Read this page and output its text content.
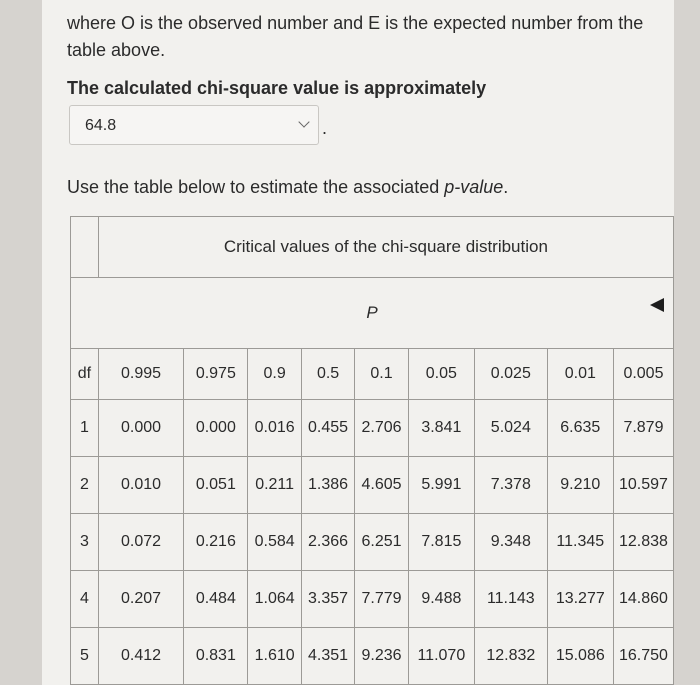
where O is the observed number and E is the expected number from the table above.

The calculated chi-square value is approximately

64.8	.

Use the table below to estimate the associated p-value.

	Critical values of the chi-square distribution								
P									
df	0.995	0.975	0.9	0.5	0.1	0.05	0.025	0.01	0.005
1	0.000	0.000	0.016	0.455	2.706	3.841	5.024	6.635	7.879
2	0.010	0.051	0.211	1.386	4.605	5.991	7.378	9.210	10.597
3	0.072	0.216	0.584	2.366	6.251	7.815	9.348	11.345	12.838
4	0.207	0.484	1.064	3.357	7.779	9.488	11.143	13.277	14.860
5	0.412	0.831	1.610	4.351	9.236	11.070	12.832	15.086	16.750
